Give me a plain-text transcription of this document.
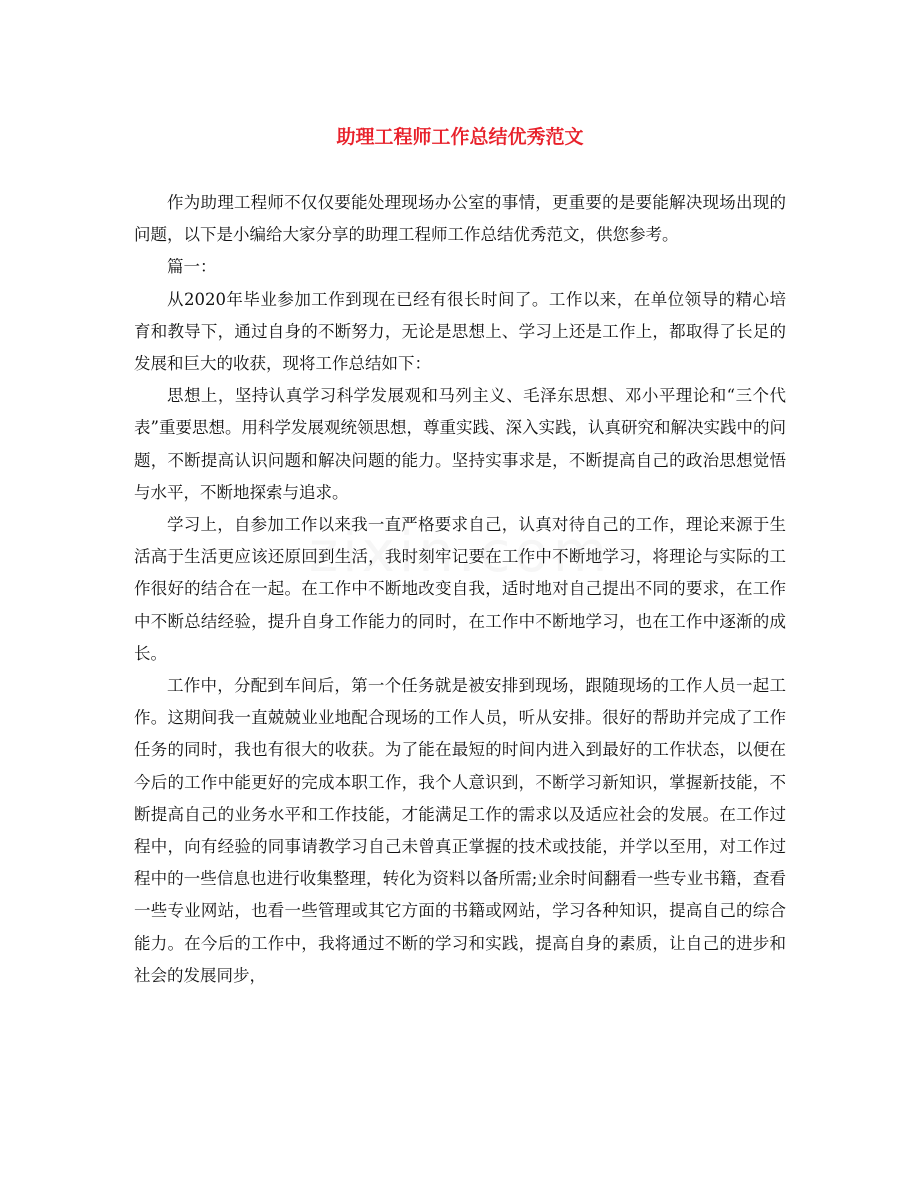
助理工程师工作总结优秀范文

作为助理工程师不仅仅要能处理现场办公室的事情，更重要的是要能解决现场出现的问题，以下是小编给大家分享的助理工程师工作总结优秀范文，供您参考。

篇一：

从2020年毕业参加工作到现在已经有很长时间了。工作以来，在单位领导的精心培育和教导下，通过自身的不断努力，无论是思想上、学习上还是工作上，都取得了长足的发展和巨大的收获，现将工作总结如下：

思想上，坚持认真学习科学发展观和马列主义、毛泽东思想、邓小平理论和“三个代表”重要思想。用科学发展观统领思想，尊重实践、深入实践，认真研究和解决实践中的问题，不断提高认识问题和解决问题的能力。坚持实事求是，不断提高自己的政治思想觉悟与水平，不断地探索与追求。

学习上，自参加工作以来我一直严格要求自己，认真对待自己的工作，理论来源于生活高于生活更应该还原回到生活，我时刻牢记要在工作中不断地学习，将理论与实际的工作很好的结合在一起。在工作中不断地改变自我，适时地对自己提出不同的要求，在工作中不断总结经验，提升自身工作能力的同时，在工作中不断地学习，也在工作中逐渐的成长。

工作中，分配到车间后，第一个任务就是被安排到现场，跟随现场的工作人员一起工作。这期间我一直兢兢业业地配合现场的工作人员，听从安排。很好的帮助并完成了工作任务的同时，我也有很大的收获。为了能在最短的时间内进入到最好的工作状态，以便在今后的工作中能更好的完成本职工作，我个人意识到，不断学习新知识，掌握新技能，不断提高自己的业务水平和工作技能，才能满足工作的需求以及适应社会的发展。在工作过程中，向有经验的同事请教学习自己未曾真正掌握的技术或技能，并学以至用，对工作过程中的一些信息也进行收集整理，转化为资料以备所需;业余时间翻看一些专业书籍，查看一些专业网站，也看一些管理或其它方面的书籍或网站，学习各种知识，提高自己的综合能力。在今后的工作中，我将通过不断的学习和实践，提高自身的素质，让自己的进步和社会的发展同步，
